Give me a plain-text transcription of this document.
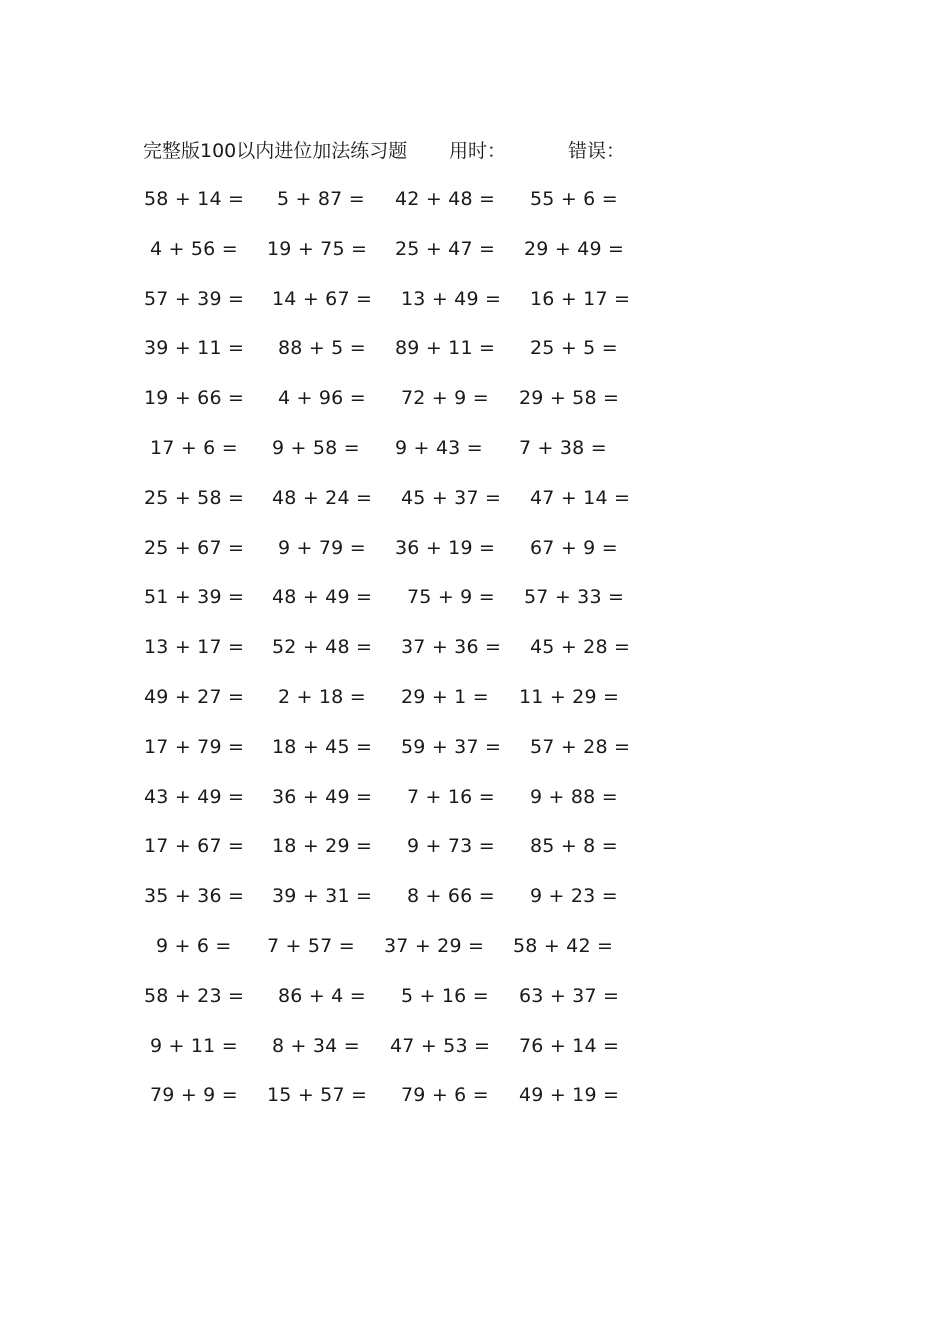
完整版100以内进位加法练习题 用时：	错误：
58 + 14 =	5 + 87 =	42 + 48 =	55 + 6 =
4 + 56 =	19 + 75 =	25 + 47 =	29 + 49 =
57 + 39 =	14 + 67 =	13 + 49 =	16 + 17 =
39 + 11 =	88 + 5 =	89 + 11 =	25 + 5 =
19 + 66 =	4 + 96 =	72 + 9 =	29 + 58 =
17 + 6 =	9 + 58 =	9 + 43 =	7 + 38 =
25 + 58 =	48 + 24 =	45 + 37 =	47 + 14 =
25 + 67 =	9 + 79 =	36 + 19 =	67 + 9 =
51 + 39 =	48 + 49 =	75 + 9 =	57 + 33 =
13 + 17 =	52 + 48 =	37 + 36 =	45 + 28 =
49 + 27 =	2 + 18 =	29 + 1 =	11 + 29 =
17 + 79 =	18 + 45 =	59 + 37 =	57 + 28 =
43 + 49 =	36 + 49 =	7 + 16 =	9 + 88 =
17 + 67 =	18 + 29 =	9 + 73 =	85 + 8 =
35 + 36 =	39 + 31 =	8 + 66 =	9 + 23 =
9 + 6 =	7 + 57 =	37 + 29 =	58 + 42 =
58 + 23 =	86 + 4 =	5 + 16 =	63 + 37 =
9 + 11 =	8 + 34 =	47 + 53 =	76 + 14 =
79 + 9 =	15 + 57 =	79 + 6 =	49 + 19 =
